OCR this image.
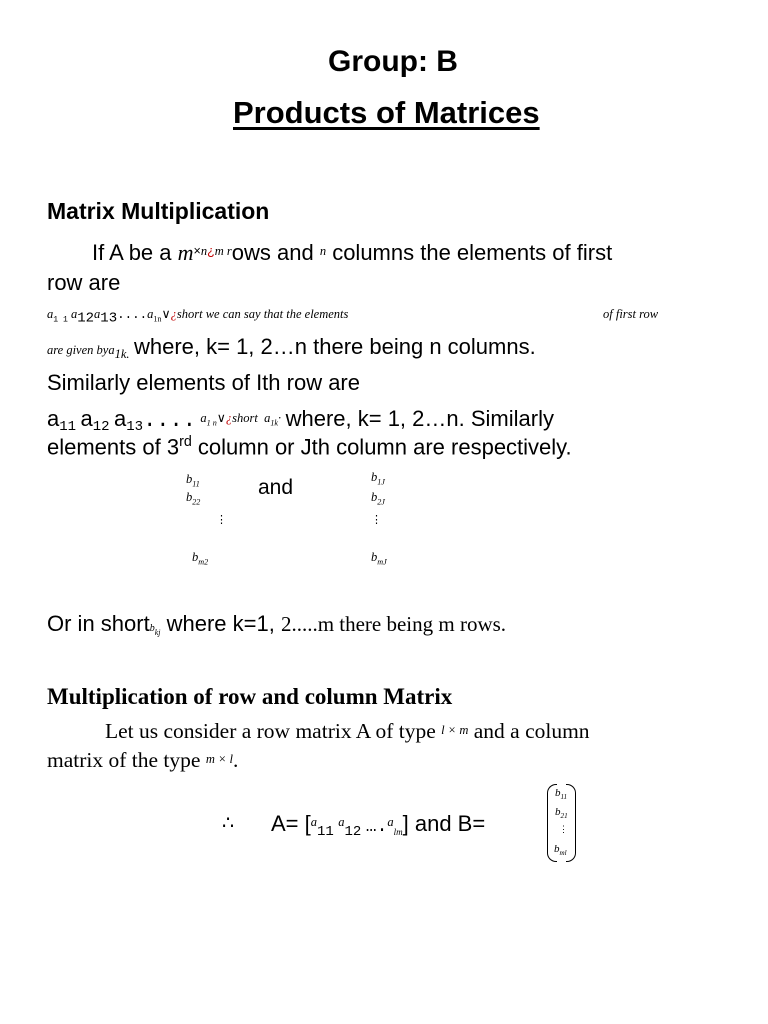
Group: B
Products of Matrices
Matrix Multiplication
If A be a $m^{\times n¿m r}ows$ and $^n$ columns the elements of first
row are
$a_{1 1}$ $a_{12}a_{13}....a_{1n}\vee¿short$ we can say that the elements	of first row
are given bya$_{1k.}$ where, k= 1, 2…n there being n columns.
Similarly elements of Ith row are
$a_{11}$ $a_{12}$ $a_{13}$.... $^{a_{1 n}\vee¿short a_{1k}\cdot}$ where, k= 1, 2…n. Similarly
elements of 3rd column or Jth column are respectively.
$b_{11}$
$b_{22}$
⋮
$b_{m2}$
and	$b_{1J}$
$b_{2J}$
⋮
$b_{mJ}$
Or in shortb$_{kj}$ where k=1, 2.....m there being m rows.
Multiplication of row and column Matrix
Let us consider a row matrix A of type l × m and a column
matrix of the type m × l.
∴ A= [$^a_{11}$ $^a_{12}$ ….$^a_{lm}$] and B=
$b_{11}$
$b_{21}$
⋮
$b_{ml}$
